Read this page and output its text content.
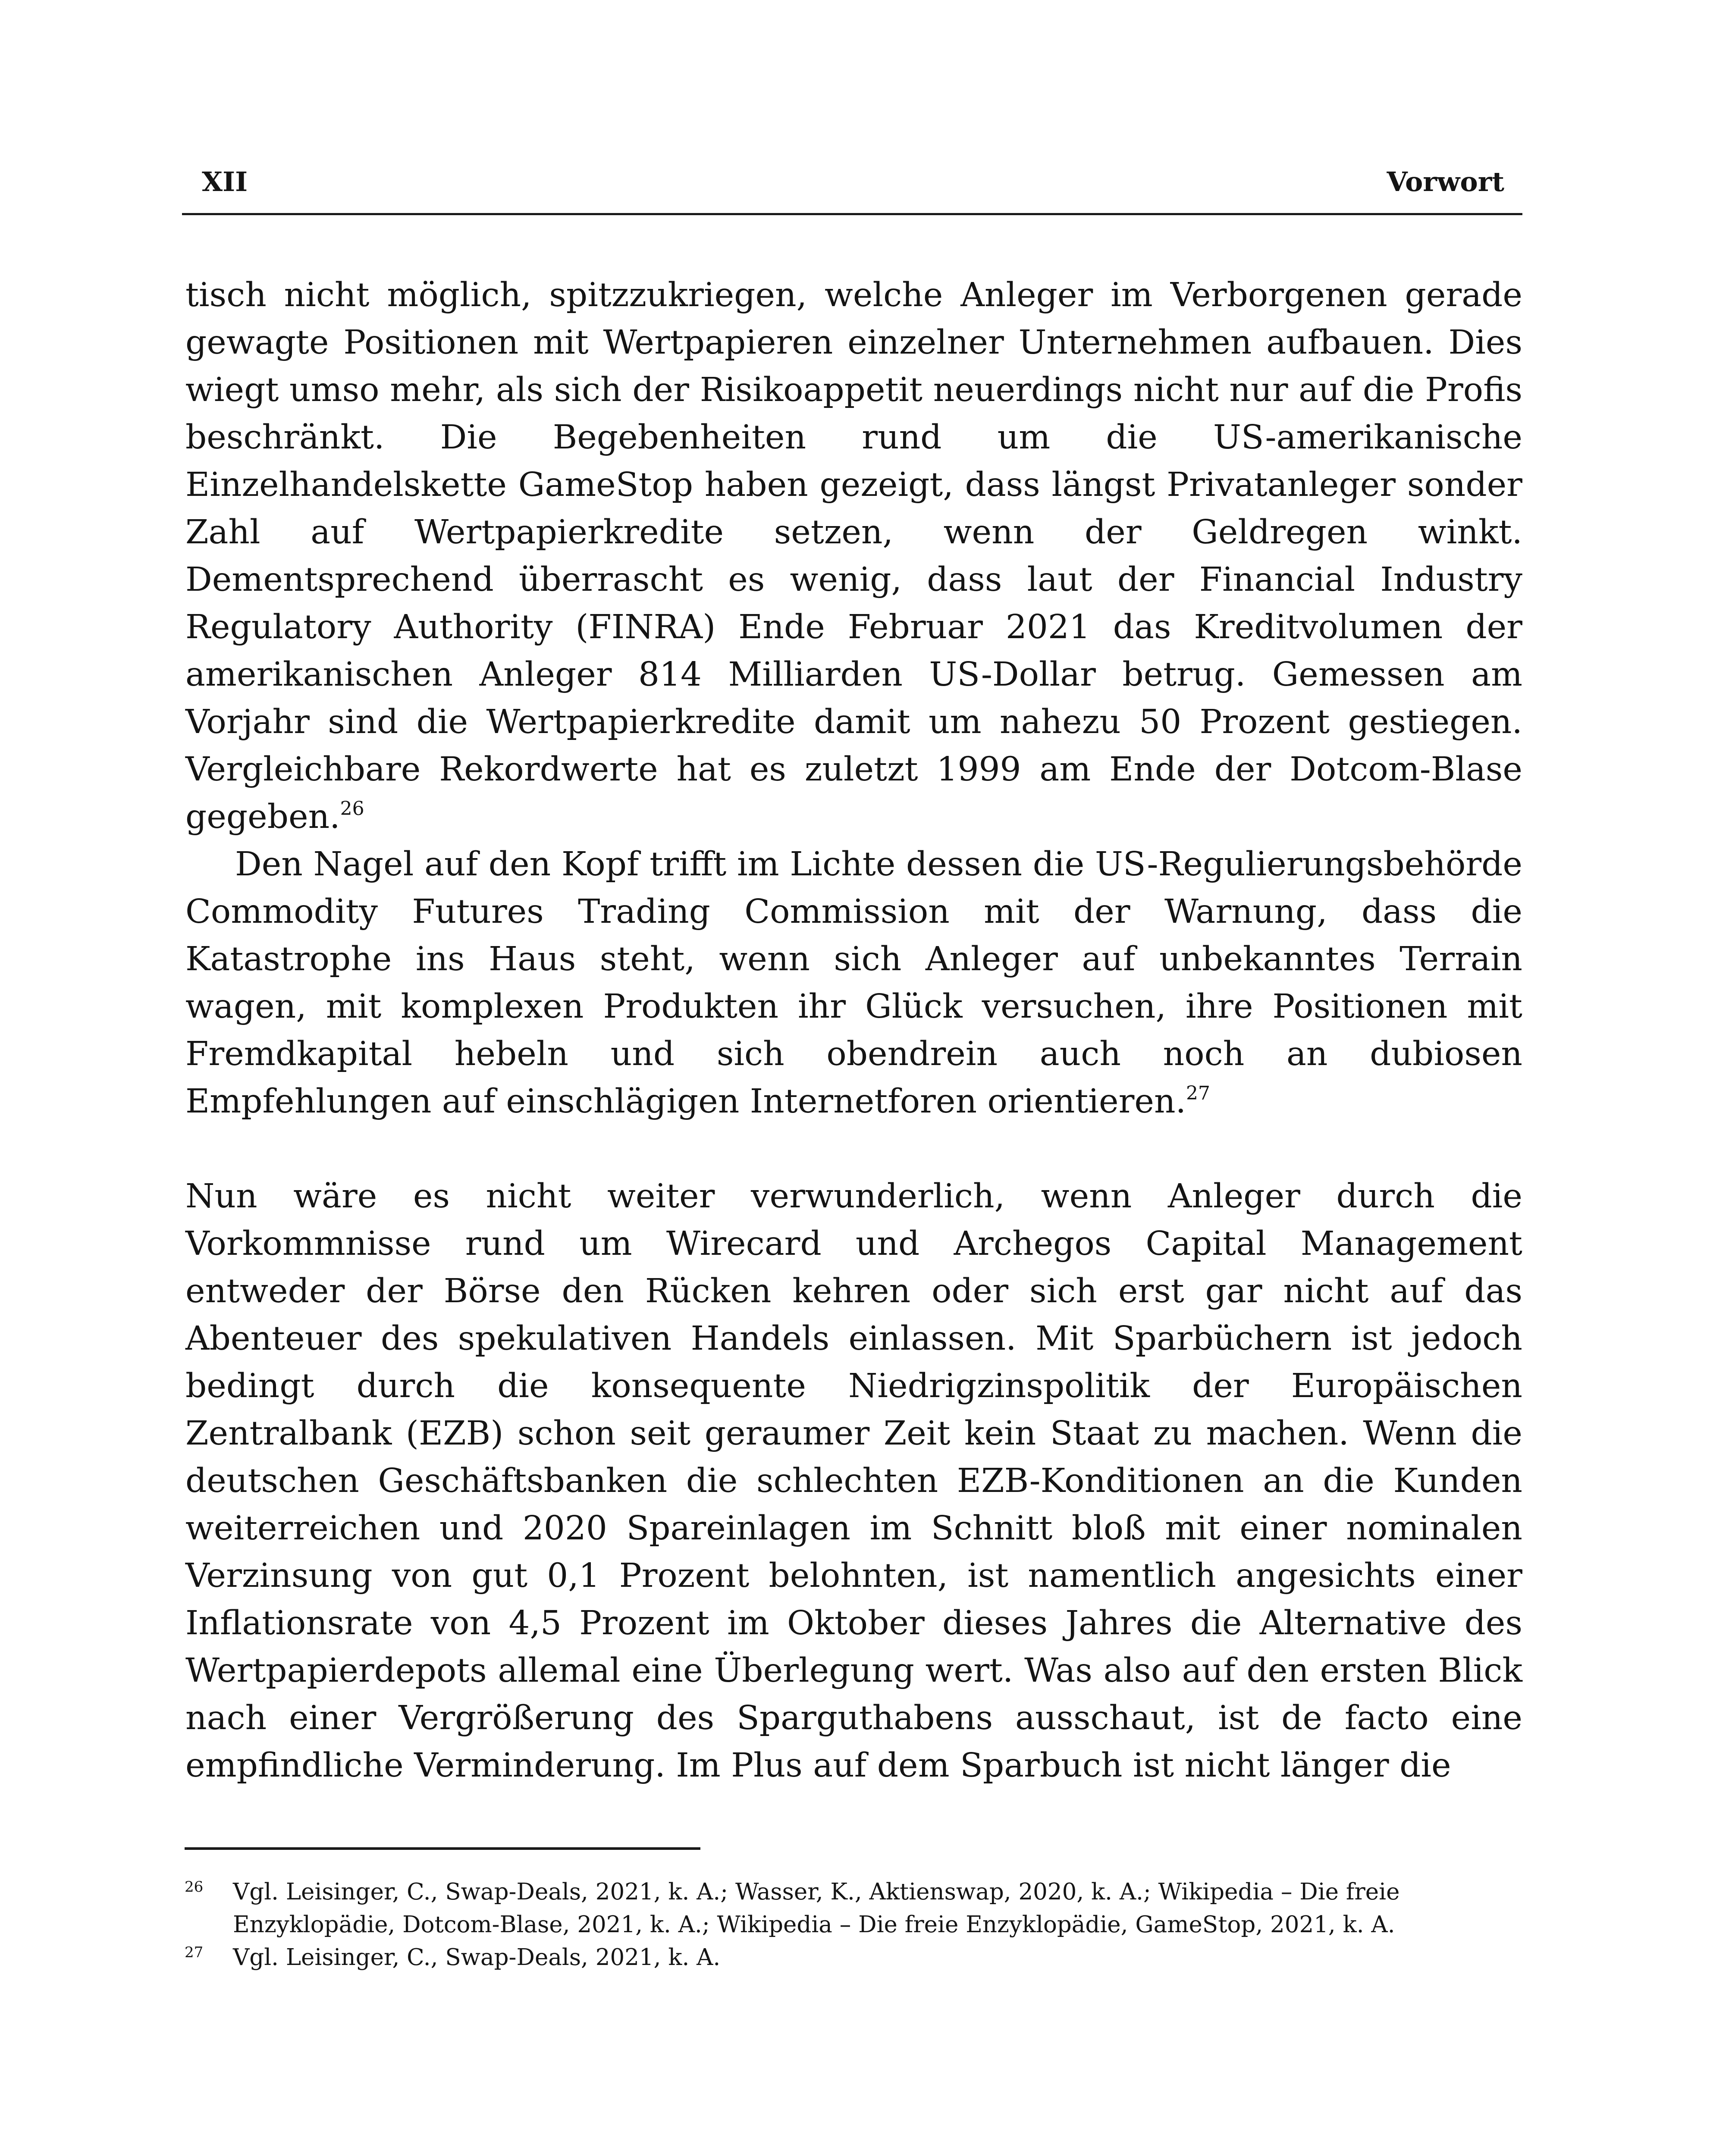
XII	Vorwort

tisch nicht möglich, spitzzukriegen, welche Anleger im Verborgenen gerade gewagte Positionen mit Wertpapieren einzelner Unternehmen aufbauen. Dies wiegt umso mehr, als sich der Risikoappetit neuerdings nicht nur auf die Profis beschränkt. Die Begebenheiten rund um die US-amerikanische Einzelhandelskette GameStop haben gezeigt, dass längst Privatanleger sonder Zahl auf Wertpapierkredite setzen, wenn der Geldregen winkt. Dementsprechend überrascht es wenig, dass laut der Financial Industry Regulatory Authority (FINRA) Ende Februar 2021 das Kreditvolumen der amerikanischen Anleger 814 Milliarden US-Dollar betrug. Gemessen am Vorjahr sind die Wertpapierkredite damit um nahezu 50 Prozent gestiegen. Vergleichbare Rekordwerte hat es zuletzt 1999 am Ende der Dotcom-Blase gegeben.$^{26}$

Den Nagel auf den Kopf trifft im Lichte dessen die US-Regulierungsbehörde Commodity Futures Trading Commission mit der Warnung, dass die Katastrophe ins Haus steht, wenn sich Anleger auf unbekanntes Terrain wagen, mit komplexen Produkten ihr Glück versuchen, ihre Positionen mit Fremdkapital hebeln und sich obendrein auch noch an dubiosen Empfehlungen auf einschlägigen Internetforen orientieren.$^{27}$

Nun wäre es nicht weiter verwunderlich, wenn Anleger durch die Vorkommnisse rund um Wirecard und Archegos Capital Management entweder der Börse den Rücken kehren oder sich erst gar nicht auf das Abenteuer des spekulativen Handels einlassen. Mit Sparbüchern ist jedoch bedingt durch die konsequente Niedrigzinspolitik der Europäischen Zentralbank (EZB) schon seit geraumer Zeit kein Staat zu machen. Wenn die deutschen Geschäftsbanken die schlechten EZB-Konditionen an die Kunden weiterreichen und 2020 Spareinlagen im Schnitt bloß mit einer nominalen Verzinsung von gut 0,1 Prozent belohnten, ist namentlich angesichts einer Inflationsrate von 4,5 Prozent im Oktober dieses Jahres die Alternative des Wertpapierdepots allemal eine Überlegung wert. Was also auf den ersten Blick nach einer Vergrößerung des Sparguthabens ausschaut, ist de facto eine empfindliche Verminderung. Im Plus auf dem Sparbuch ist nicht länger die

26	Vgl. Leisinger, C., Swap-Deals, 2021, k. A.; Wasser, K., Aktienswap, 2020, k. A.; Wikipedia – Die freie Enzyklopädie, Dotcom-Blase, 2021, k. A.; Wikipedia – Die freie Enzyklopädie, GameStop, 2021, k. A.
27	Vgl. Leisinger, C., Swap-Deals, 2021, k. A.
